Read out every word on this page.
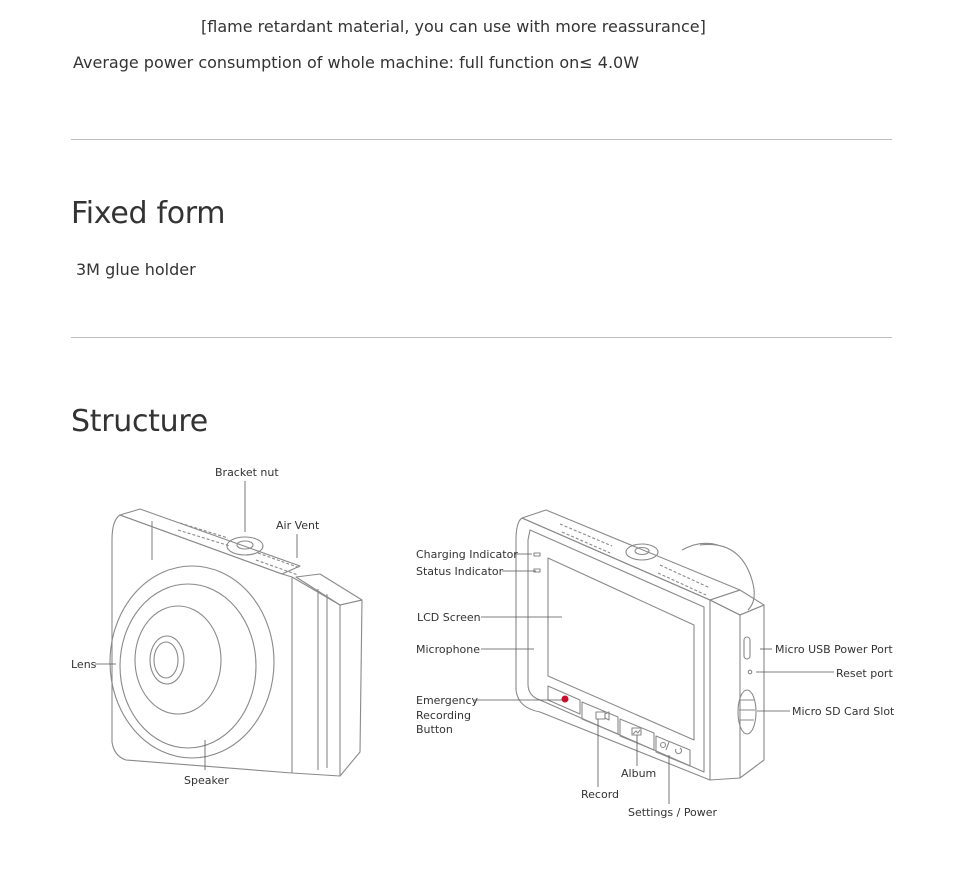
[flame retardant material, you can use with more reassurance]
Average power consumption of whole machine: full function on≤ 4.0W
Fixed form
3M glue holder
Structure
Bracket nut
Air Vent
Lens
Speaker
Charging Indicator
Status Indicator
LCD Screen
Microphone
Emergency
Recording
Button
Record
Album
Settings / Power
Micro USB Power Port
Reset port
Micro SD Card Slot
